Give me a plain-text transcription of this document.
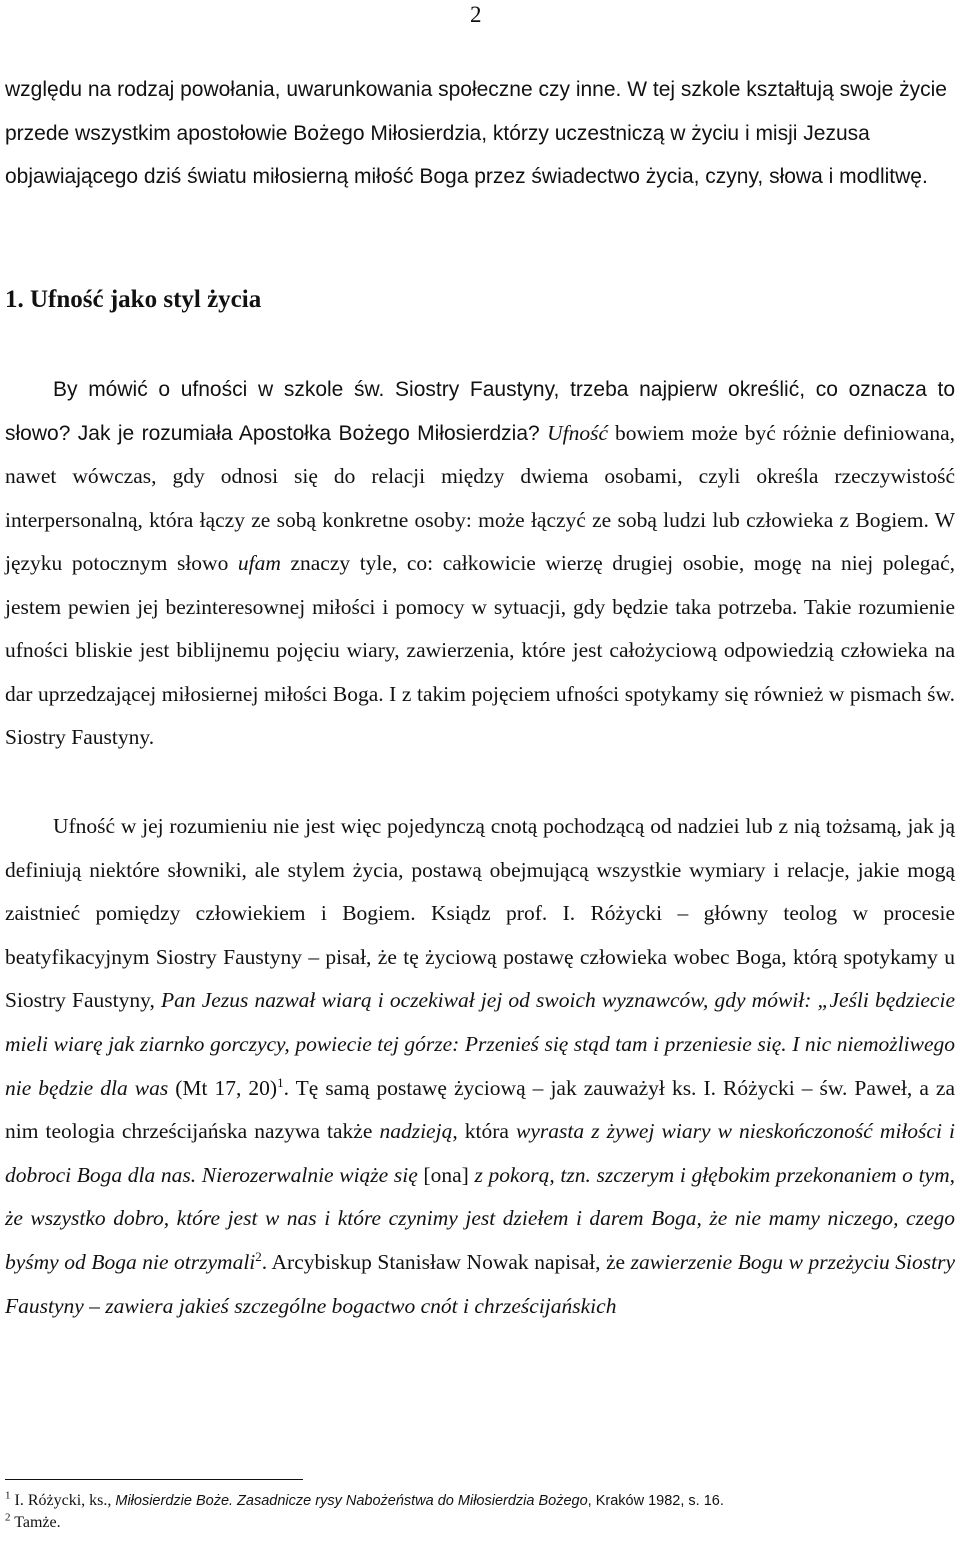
2

względu na rodzaj powołania, uwarunkowania społeczne czy inne. W tej szkole kształtują swoje życie przede wszystkim apostołowie Bożego Miłosierdzia, którzy uczestniczą w życiu i misji Jezusa objawiającego dziś światu miłosierną miłość Boga przez świadectwo życia, czyny, słowa i modlitwę.

1. Ufność jako styl życia

By mówić o ufności w szkole św. Siostry Faustyny, trzeba najpierw określić, co oznacza to słowo? Jak je rozumiała Apostołka Bożego Miłosierdzia? Ufność bowiem może być różnie definiowana, nawet wówczas, gdy odnosi się do relacji między dwiema osobami, czyli określa rzeczywistość interpersonalną, która łączy ze sobą konkretne osoby: może łączyć ze sobą ludzi lub człowieka z Bogiem. W języku potocznym słowo ufam znaczy tyle, co: całkowicie wierzę drugiej osobie, mogę na niej polegać, jestem pewien jej bezinteresownej miłości i pomocy w sytuacji, gdy będzie taka potrzeba. Takie rozumienie ufności bliskie jest biblijnemu pojęciu wiary, zawierzenia, które jest całożyciową odpowiedzią człowieka na dar uprzedzającej miłosiernej miłości Boga. I z takim pojęciem ufności spotykamy się również w pismach św. Siostry Faustyny.

Ufność w jej rozumieniu nie jest więc pojedynczą cnotą pochodzącą od nadziei lub z nią tożsamą, jak ją definiują niektóre słowniki, ale stylem życia, postawą obejmującą wszystkie wymiary i relacje, jakie mogą zaistnieć pomiędzy człowiekiem i Bogiem. Ksiądz prof. I. Różycki – główny teolog w procesie beatyfikacyjnym Siostry Faustyny – pisał, że tę życiową postawę człowieka wobec Boga, którą spotykamy u Siostry Faustyny, Pan Jezus nazwał wiarą i oczekiwał jej od swoich wyznawców, gdy mówił: „Jeśli będziecie mieli wiarę jak ziarnko gorczycy, powiecie tej górze: Przenieś się stąd tam i przeniesie się. I nic niemożliwego nie będzie dla was (Mt 17, 20)$^1$. Tę samą postawę życiową – jak zauważył ks. I. Różycki – św. Paweł, a za nim teologia chrześcijańska nazywa także nadzieją, która wyrasta z żywej wiary w nieskończoność miłości i dobroci Boga dla nas. Nierozerwalnie wiąże się [ona] z pokorą, tzn. szczerym i głębokim przekonaniem o tym, że wszystko dobro, które jest w nas i które czynimy jest dziełem i darem Boga, że nie mamy niczego, czego byśmy od Boga nie otrzymali$^2$. Arcybiskup Stanisław Nowak napisał, że zawierzenie Bogu w przeżyciu Siostry Faustyny – zawiera jakieś szczególne bogactwo cnót i chrześcijańskich

$^1$ I. Różycki, ks., Miłosierdzie Boże. Zasadnicze rysy Nabożeństwa do Miłosierdzia Bożego, Kraków 1982, s. 16.

$^2$ Tamże.
